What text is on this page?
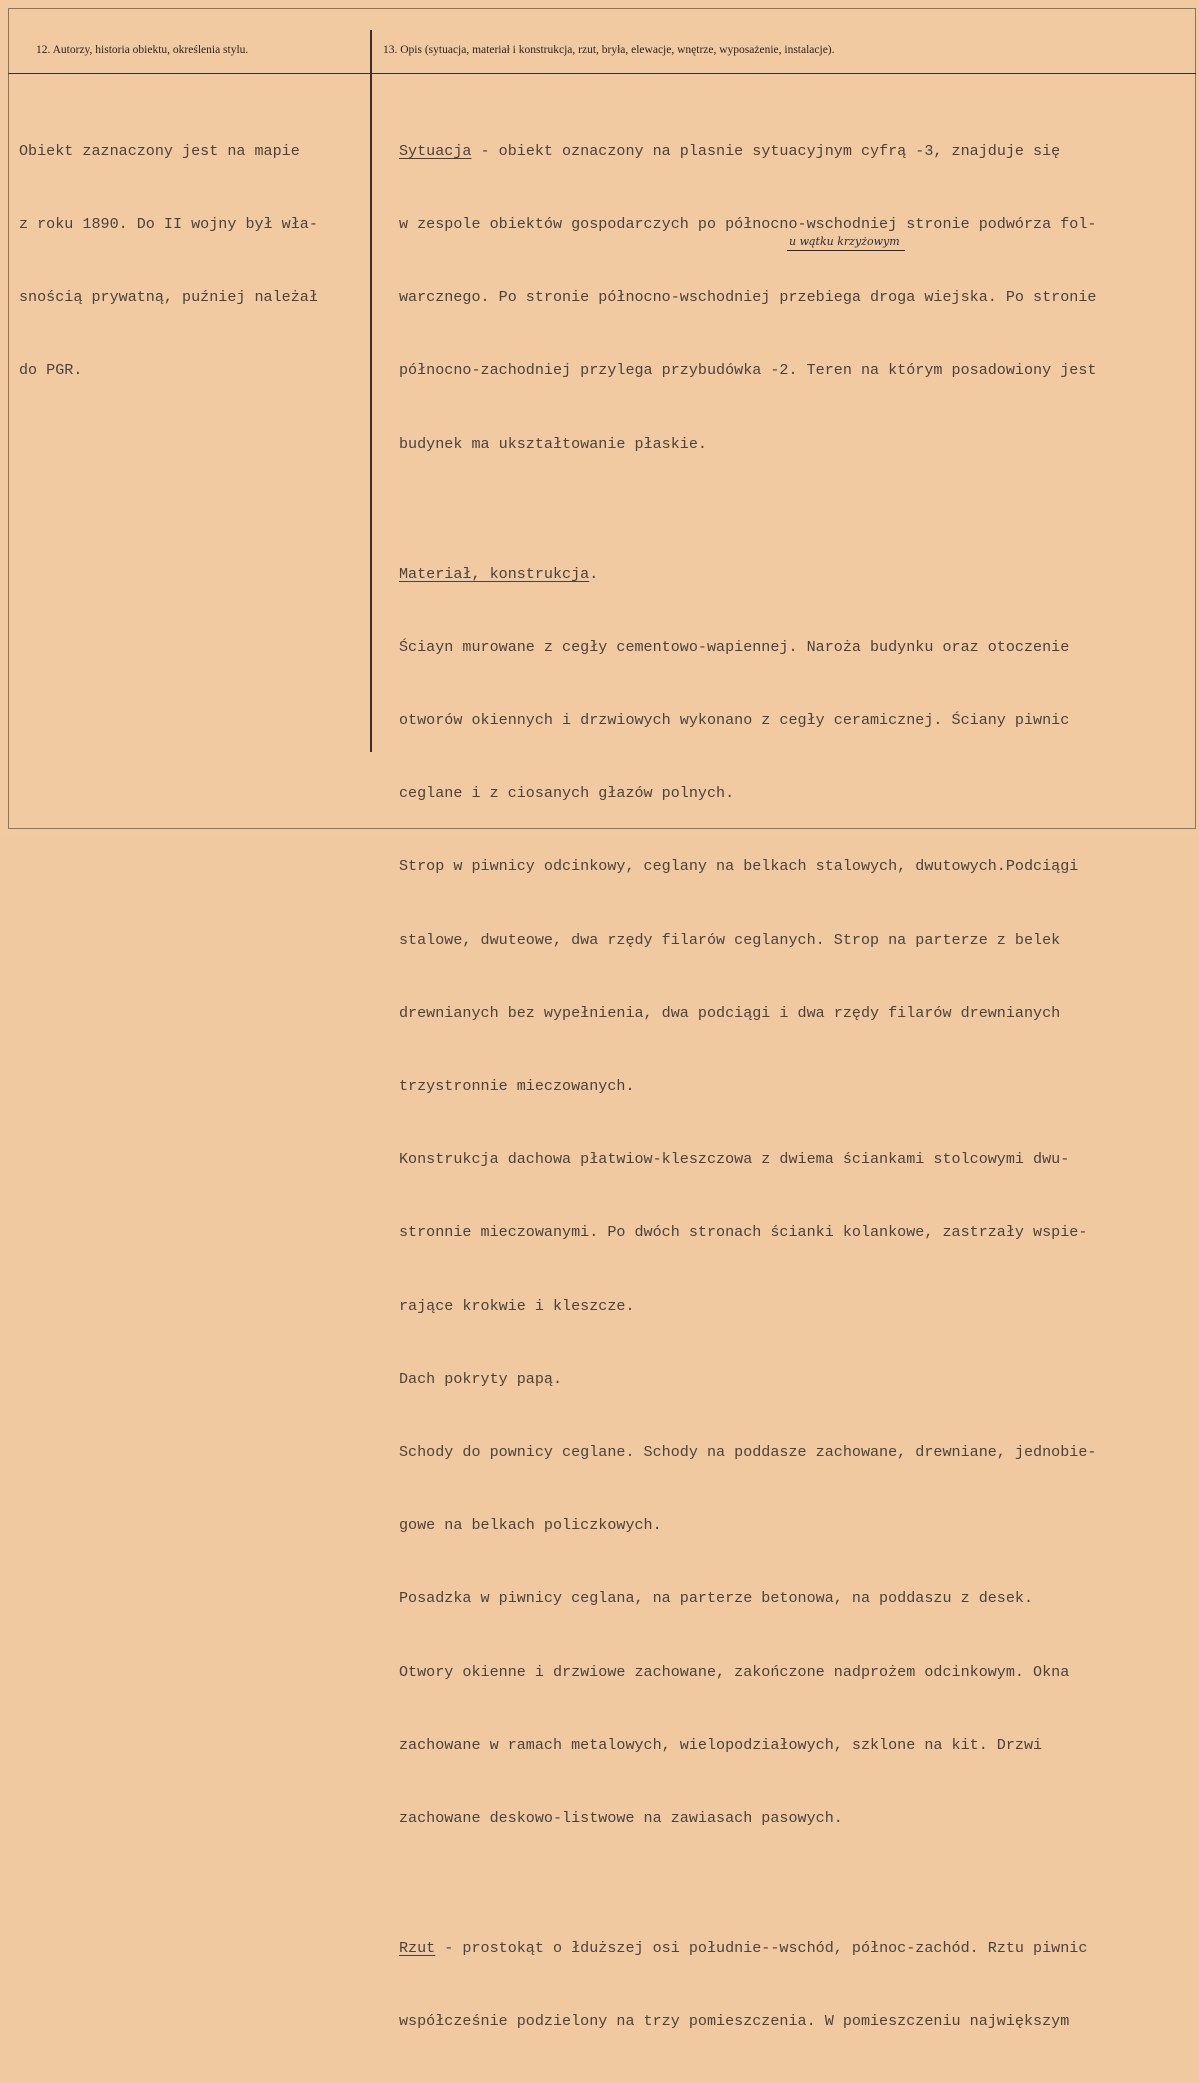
12. Autorzy, historia obiektu, określenia stylu.	13. Opis (sytuacja, materiał i konstrukcja, rzut, bryła, elewacje, wnętrze, wyposażenie, instalacje).

Obiekt zaznaczony jest na mapie

z roku 1890. Do II wojny był wła-

snością prywatną, puźniej należał

do PGR.

Sytuacja - obiekt oznaczony na plasnie sytuacyjnym cyfrą -3, znajduje się

w zespole obiektów gospodarczych po północno-wschodniej stronie podwórza fol-

warcznego. Po stronie północno-wschodniej przebiega droga wiejska. Po stronie

północno-zachodniej przylega przybudówka -2. Teren na którym posadowiony jest

budynek ma ukształtowanie płaskie.

Materiał, konstrukcja.

Ściayn murowane z cegły cementowo-wapiennej. Naroża budynku oraz otoczenie

otworów okiennych i drzwiowych wykonano z cegły ceramicznej. Ściany piwnic

ceglane i z ciosanych głazów polnych.

Strop w piwnicy odcinkowy, ceglany na belkach stalowych, dwutowych.Podciągi

stalowe, dwuteowe, dwa rzędy filarów ceglanych. Strop na parterze z belek

drewnianych bez wypełnienia, dwa podciągi i dwa rzędy filarów drewnianych

trzystronnie mieczowanych.

Konstrukcja dachowa płatwiow-kleszczowa z dwiema ściankami stolcowymi dwu-

stronnie mieczowanymi. Po dwóch stronach ścianki kolankowe, zastrzały wspie-

rające krokwie i kleszcze.

Dach pokryty papą.

Schody do pownicy ceglane. Schody na poddasze zachowane, drewniane, jednobie-

gowe na belkach policzkowych.

Posadzka w piwnicy ceglana, na parterze betonowa, na poddaszu z desek.

Otwory okienne i drzwiowe zachowane, zakończone nadprożem odcinkowym. Okna

zachowane w ramach metalowych, wielopodziałowych, szklone na kit. Drzwi

zachowane deskowo-listwowe na zawiasach pasowych.

Rzut - prostokąt o łduższej osi południe--wschód, północ-zachód. Rztu piwnic

współcześnie podzielony na trzy pomieszczenia. W pomieszczeniu największym

u wątku krzyżowym
